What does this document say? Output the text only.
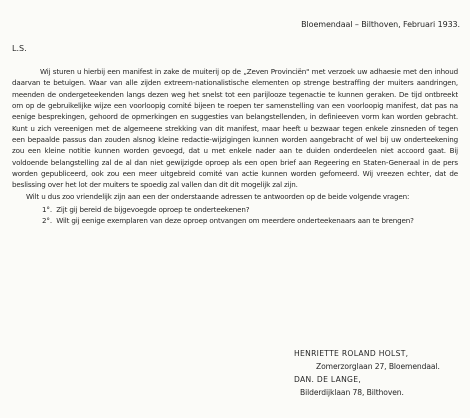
Bloemendaal – Bilthoven, Februari 1933.
L.S.

Wij sturen u hierbij een manifest in zake de muiterij op de „Zeven Provinciën" met verzoek uw adhaesie met den inhoud daarvan te betuigen. Waar van alle zijden extreem-nationalistische elementen op strenge bestraffing der muiters aandringen, meenden de ondergeteekenden langs dezen weg het snelst tot een parijlooze tegenactie te kunnen geraken. De tijd ontbreekt om op de gebruikelijke wijze een voorloopig comité bijeen te roepen ter samenstelling van een voorloopig manifest, dat pas na eenige besprekingen, gehoord de opmerkingen en suggesties van belangstellenden, in definieeven vorm kan worden gebracht. Kunt u zich vereenigen met de algemeene strekking van dit manifest, maar heeft u bezwaar tegen enkele zinsneden of tegen een bepaalde passus dan zouden alsnog kleine redactie-wijzigingen kunnen worden aangebracht of wel bij uw onderteekening zou een kleine notitie kunnen worden gevoegd, dat u met enkele nader aan te duiden onderdeelen niet accoord gaat. Bij voldoende belangstelling zal de al dan niet gewijzigde oproep als een open brief aan Regeering en Staten-Generaal in de pers worden gepubliceerd, ook zou een meer uitgebreid comité van actie kunnen worden gefomeerd. Wij vreezen echter, dat de beslissing over het lot der muiters te spoedig zal vallen dan dit dit mogelijk zal zijn.

Wilt u dus zoo vriendelijk zijn aan een der onderstaande adressen te antwoorden op de beide volgende vragen:

1°. Zijt gij bereid de bijgevoegde oproep te onderteekenen?

2°. Wilt gij eenige exemplaren van deze oproep ontvangen om meerdere onderteekenaars aan te brengen?

HENRIETTE ROLAND HOLST,
Zomerzorglaan 27, Bloemendaal.
DAN. DE LANGE,
Bilderdijklaan 78, Bilthoven.
